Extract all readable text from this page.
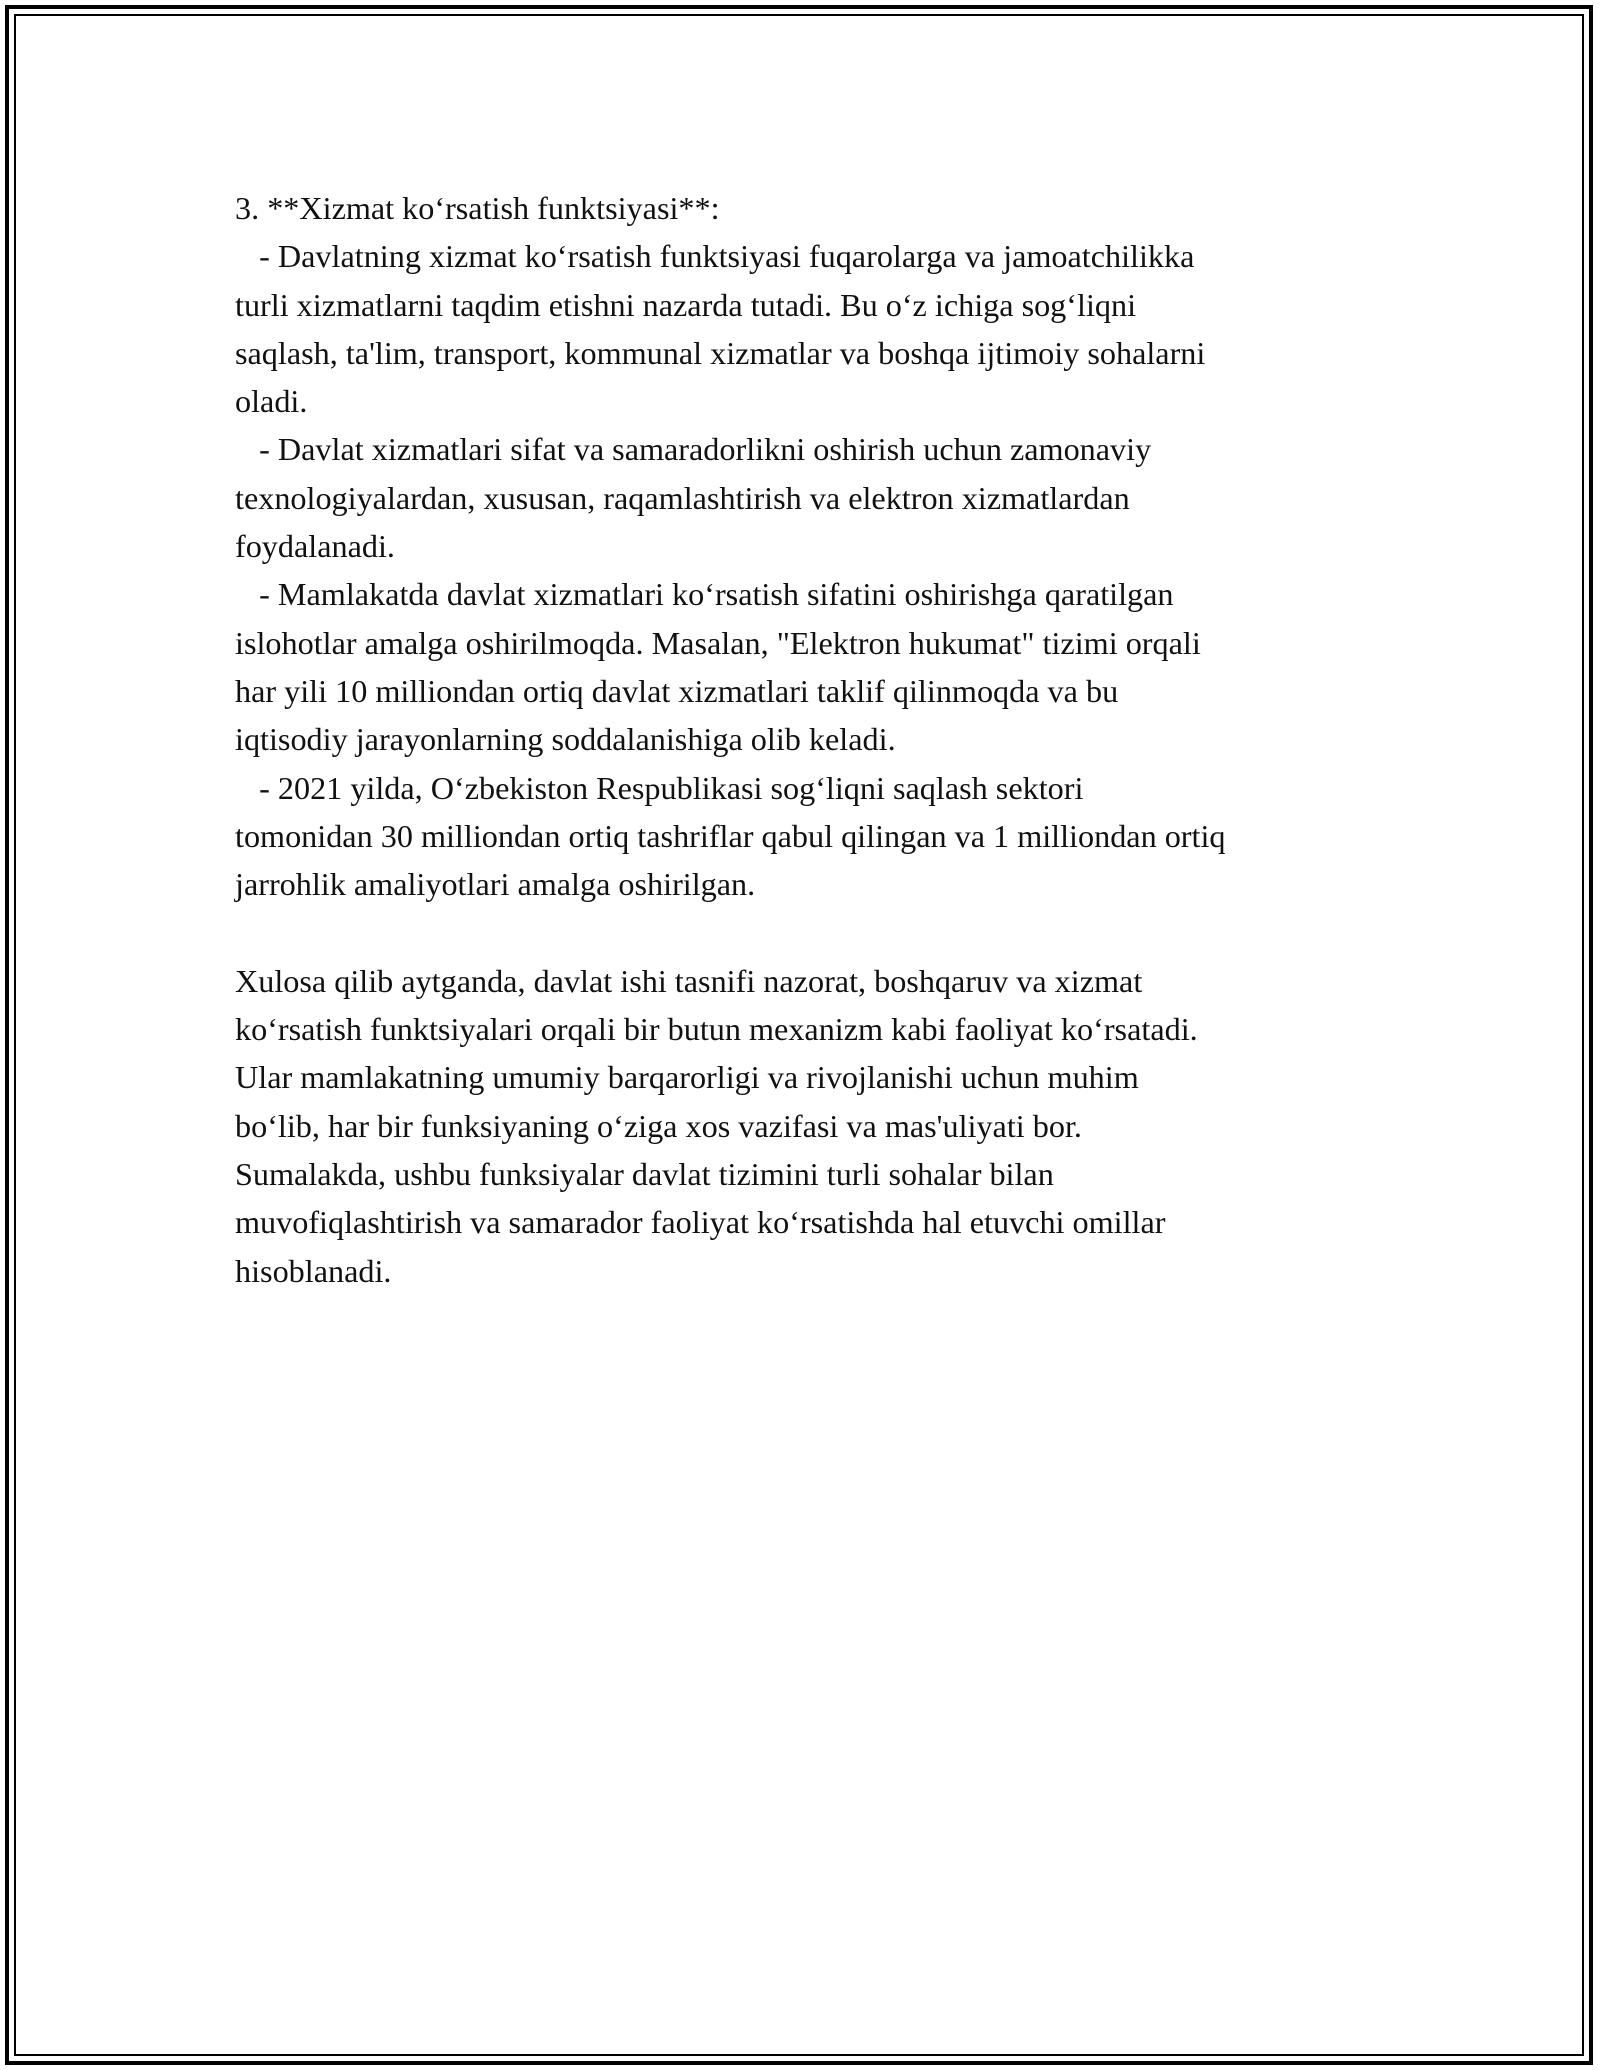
3. **Xizmat ko‘rsatish funktsiyasi**:
- Davlatning xizmat ko‘rsatish funktsiyasi fuqarolarga va jamoatchilikka
turli xizmatlarni taqdim etishni nazarda tutadi. Bu o‘z ichiga sog‘liqni
saqlash, ta'lim, transport, kommunal xizmatlar va boshqa ijtimoiy sohalarni
oladi.
- Davlat xizmatlari sifat va samaradorlikni oshirish uchun zamonaviy
texnologiyalardan, xususan, raqamlashtirish va elektron xizmatlardan
foydalanadi.
- Mamlakatda davlat xizmatlari ko‘rsatish sifatini oshirishga qaratilgan
islohotlar amalga oshirilmoqda. Masalan, "Elektron hukumat" tizimi orqali
har yili 10 milliondan ortiq davlat xizmatlari taklif qilinmoqda va bu
iqtisodiy jarayonlarning soddalanishiga olib keladi.
- 2021 yilda, O‘zbekiston Respublikasi sog‘liqni saqlash sektori
tomonidan 30 milliondan ortiq tashriflar qabul qilingan va 1 milliondan ortiq
jarrohlik amaliyotlari amalga oshirilgan.
Xulosa qilib aytganda, davlat ishi tasnifi nazorat, boshqaruv va xizmat
ko‘rsatish funktsiyalari orqali bir butun mexanizm kabi faoliyat ko‘rsatadi.
Ular mamlakatning umumiy barqarorligi va rivojlanishi uchun muhim
bo‘lib, har bir funksiyaning o‘ziga xos vazifasi va mas'uliyati bor.
Sumalakda, ushbu funksiyalar davlat tizimini turli sohalar bilan
muvofiqlashtirish va samarador faoliyat ko‘rsatishda hal etuvchi omillar
hisoblanadi.
